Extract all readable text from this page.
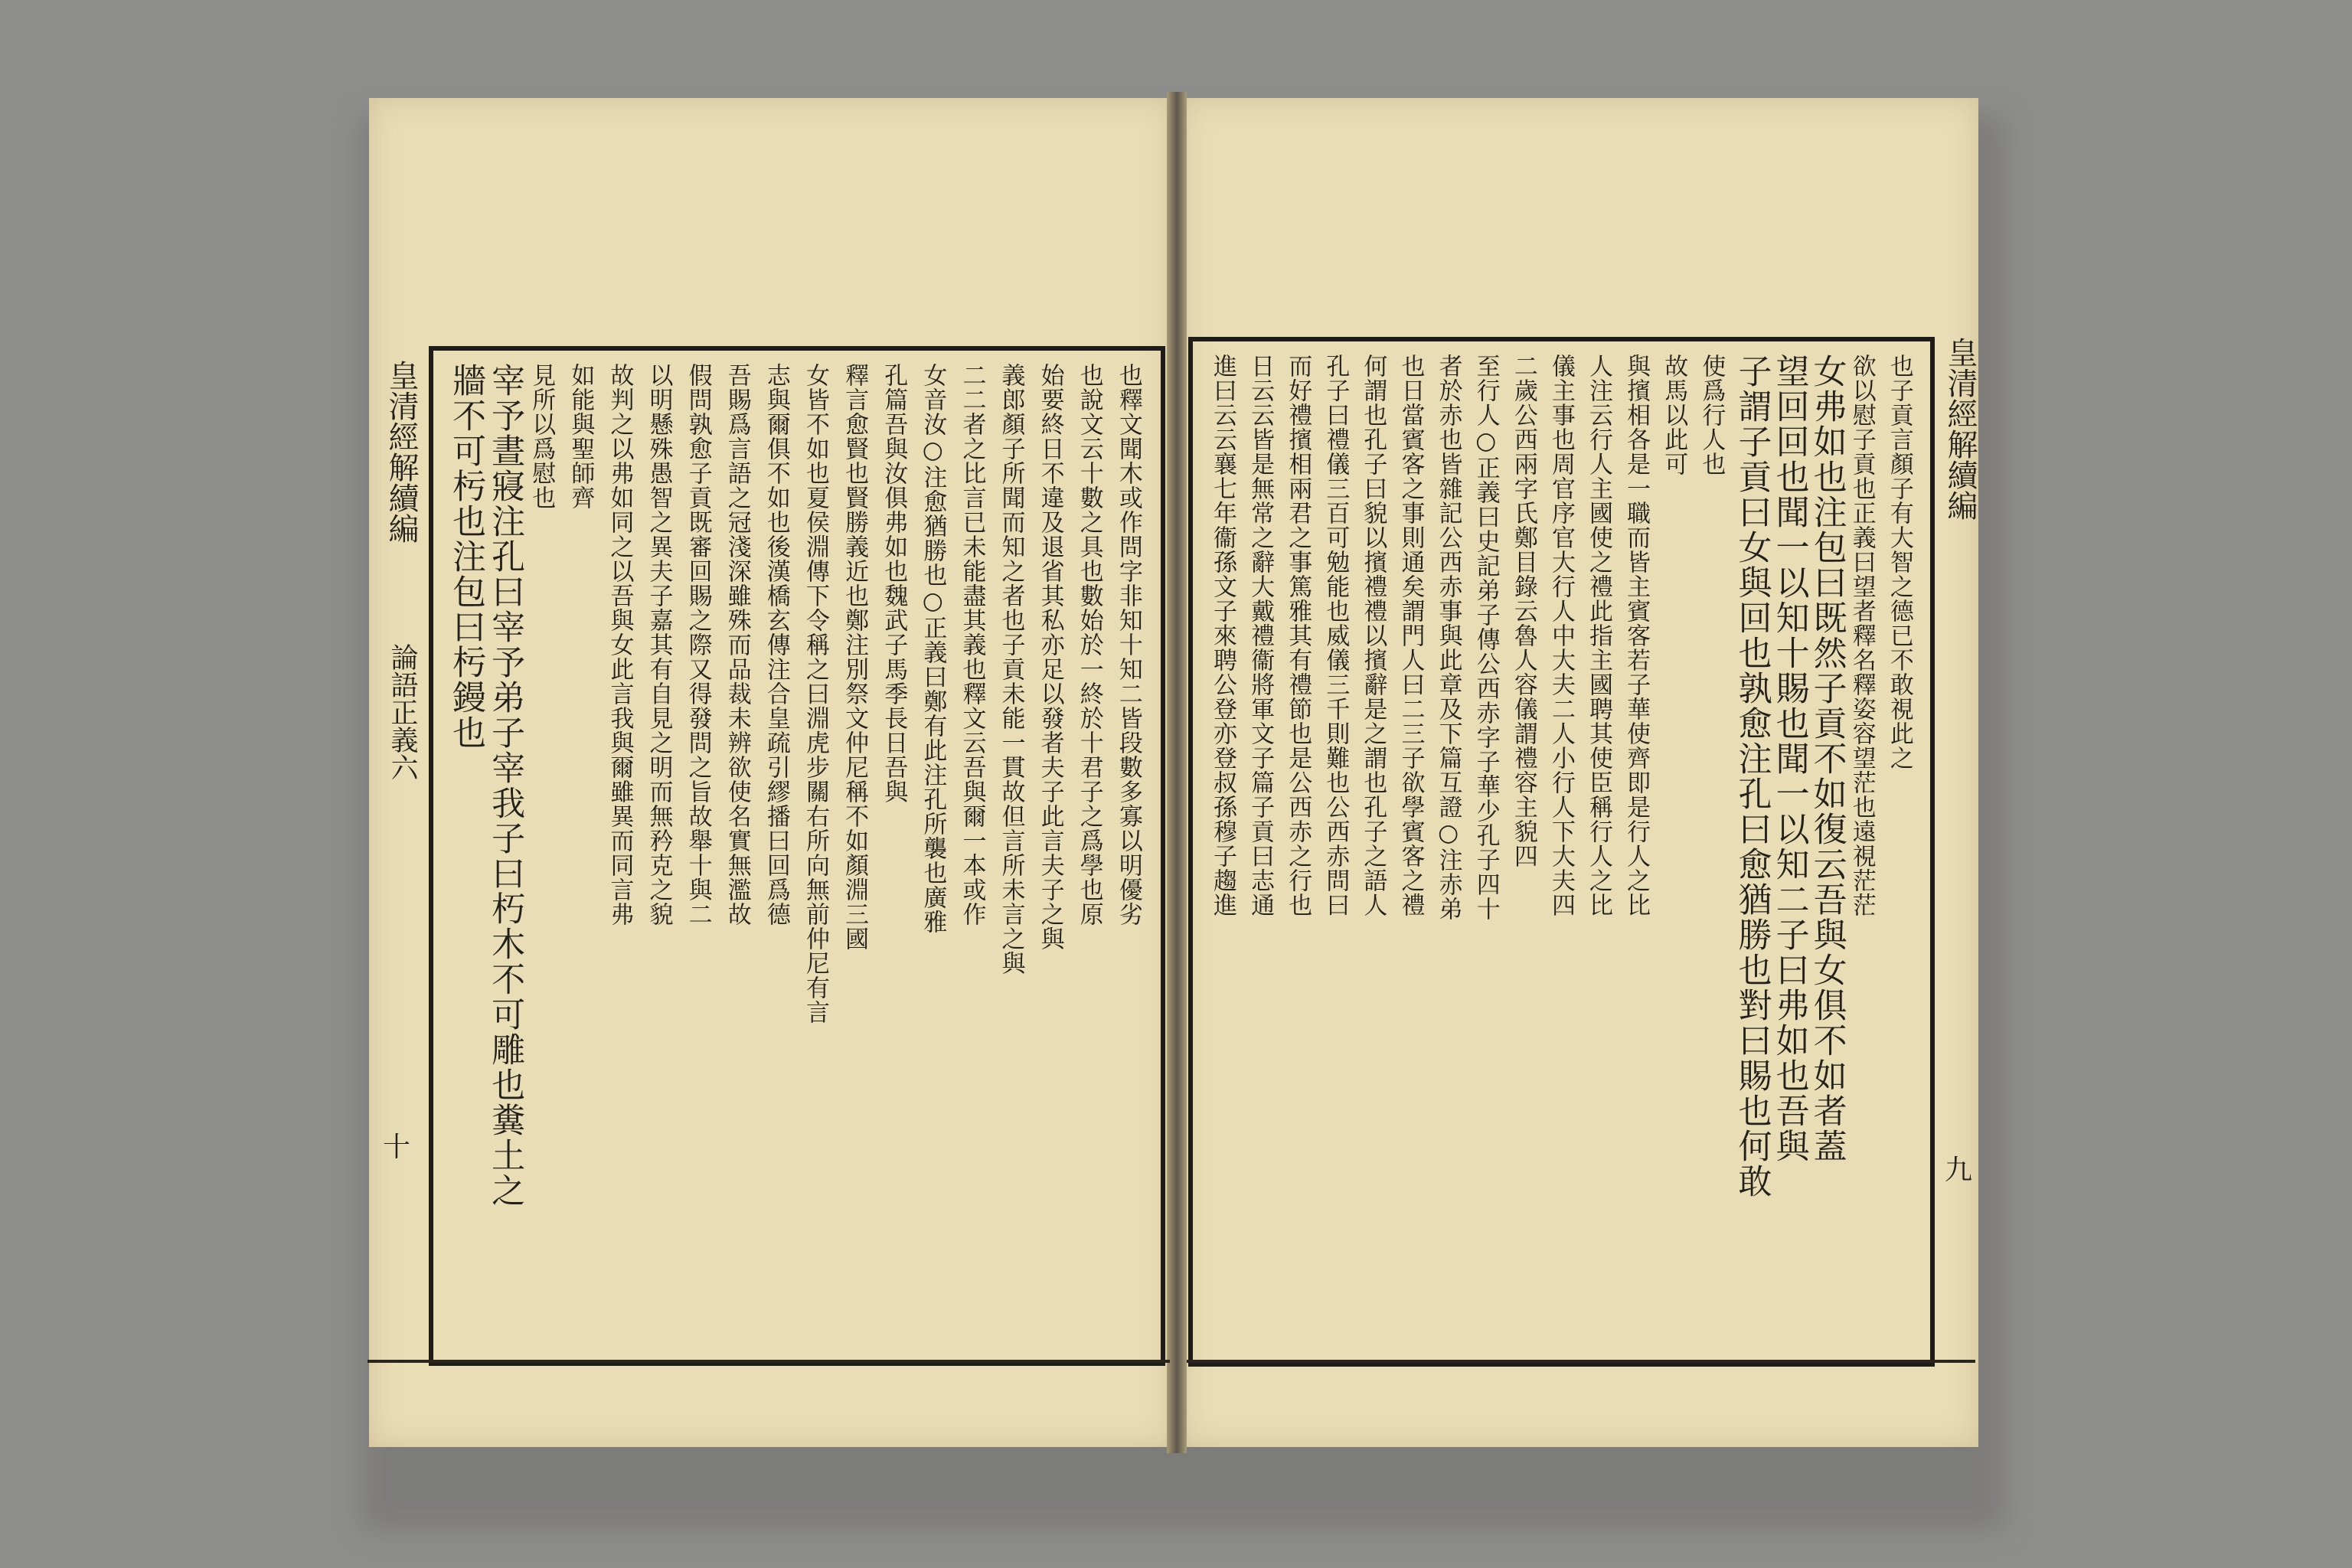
皇清經解續編
論語正義六
十
牆不可杇也注包曰杇鏝也 宰予晝寢注孔曰宰予弟子宰我子曰朽木不可雕也糞土之 見所以爲慰也 如能與聖師齊 故判之以弗如同之以吾與女此言我與爾雖異而同言弗 以明懸殊愚智之異夫子嘉其有自見之明而無矜克之貌 假問孰愈子貢既審回賜之際又得發問之旨故舉十與二 吾賜爲言語之冠淺深雖殊而品裁未辨欲使名實無濫故 志與爾俱不如也後漢橋玄傳注合皇疏引繆播曰回爲德 女皆不如也夏侯淵傳下令稱之曰淵虎步關右所向無前仲尼有言 釋言愈賢也賢勝義近也鄭注別祭文仲尼稱不如顏淵三國 孔篇吾與汝俱弗如也魏武子馬季長日吾與 女音汝○注愈猶勝也○正義曰鄭有此注孔所襲也廣雅 二二者之比言已未能盡其義也釋文云吾與爾一本或作 義郎顏子所聞而知之者也子貢未能一貫故但言所未言之與 始要終日不違及退省其私亦足以發者夫子此言夫子之與 也說文云十數之具也數始於一終於十君子之爲學也原 也釋文聞木或作問字非知十知二皆段數多寡以明優劣	皇清經解續編
九
進曰云云襄七年衞孫文子來聘公登亦登叔孫穆子趨進 日云云皆是無常之辭大戴禮衞將軍文子篇子貢曰志通 而好禮擯相兩君之事篤雅其有禮節也是公西赤之行也 孔子曰禮儀三百可勉能也威儀三千則難也公西赤問曰 何謂也孔子曰貌以擯禮禮以擯辭是之謂也孔子之語人 也日當賓客之事則通矣謂門人曰二三子欲學賓客之禮 者於赤也皆雜記公西赤事與此章及下篇互證○注赤弟 至行人○正義曰史記弟子傳公西赤字子華少孔子四十 二歲公西兩字氏鄭目錄云魯人容儀謂禮容主貌四 儀主事也周官序官大行人中大夫二人小行人下大夫四 人注云行人主國使之禮此指主國聘其使臣稱行人之比 與擯相各是一職而皆主賓客若子華使齊即是行人之比 故馬以此可 使爲行人也 子謂子貢曰女與回也孰愈注孔曰愈猶勝也對曰賜也何敢
望回回也聞一以知十賜也聞一以知二子曰弗如也吾與
女弗如也注包曰既然子貢不如復云吾與女俱不如者蓋 欲以慰子貢也正義曰望者釋名釋姿容望茫也遠視茫茫 也子貢言顏子有大智之德已不敢視此之
